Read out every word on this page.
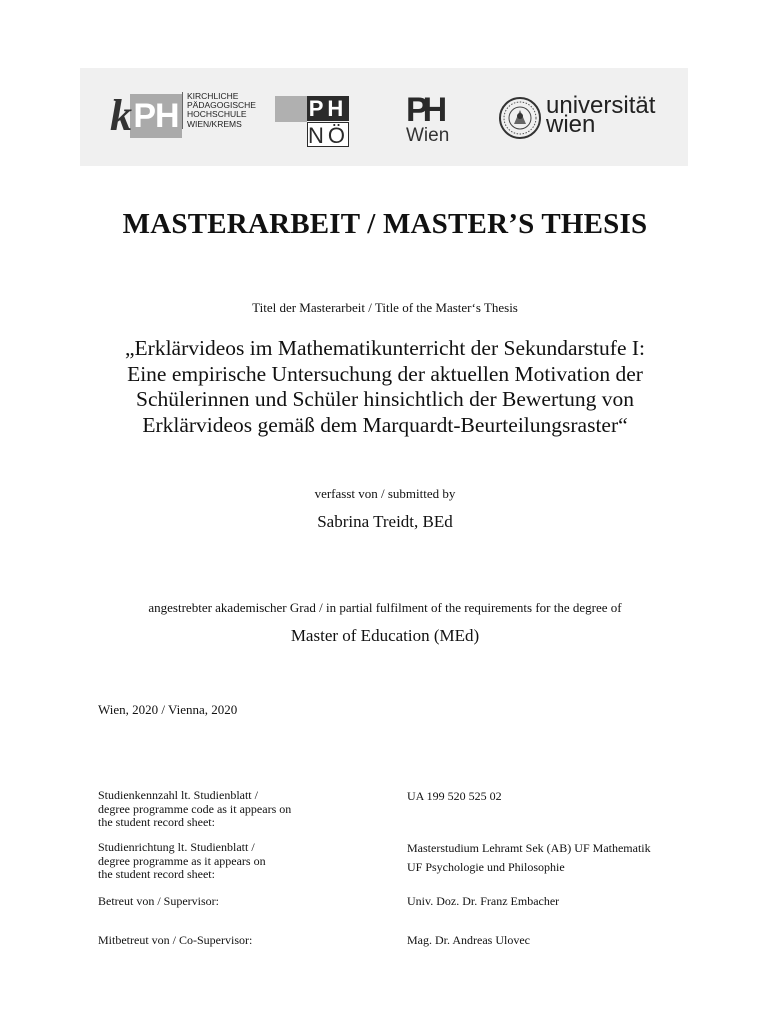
PH
k	KIRCHLICHE
PÄDAGOGISCHE
HOCHSCHULE
WIEN/KREMS
PH
NÖ
PH
Wien
universität
wien
MASTERARBEIT / MASTER’S THESIS
Titel der Masterarbeit / Title of the Master‘s Thesis
„Erklärvideos im Mathematikunterricht der Sekundarstufe I:
Eine empirische Untersuchung der aktuellen Motivation der
Schülerinnen und Schüler hinsichtlich der Bewertung von
Erklärvideos gemäß dem Marquardt-Beurteilungsraster“
verfasst von / submitted by
Sabrina Treidt, BEd
angestrebter akademischer Grad / in partial fulfilment of the requirements for the degree of
Master of Education (MEd)
Wien, 2020 / Vienna, 2020
Studienkennzahl lt. Studienblatt /
degree programme code as it appears on
the student record sheet:
UA 199 520 525 02
Studienrichtung lt. Studienblatt /
degree programme as it appears on
the student record sheet:
Masterstudium Lehramt Sek (AB) UF Mathematik
UF Psychologie und Philosophie
Betreut von / Supervisor:	Univ. Doz. Dr. Franz Embacher
Mitbetreut von / Co-Supervisor:	Mag. Dr. Andreas Ulovec
